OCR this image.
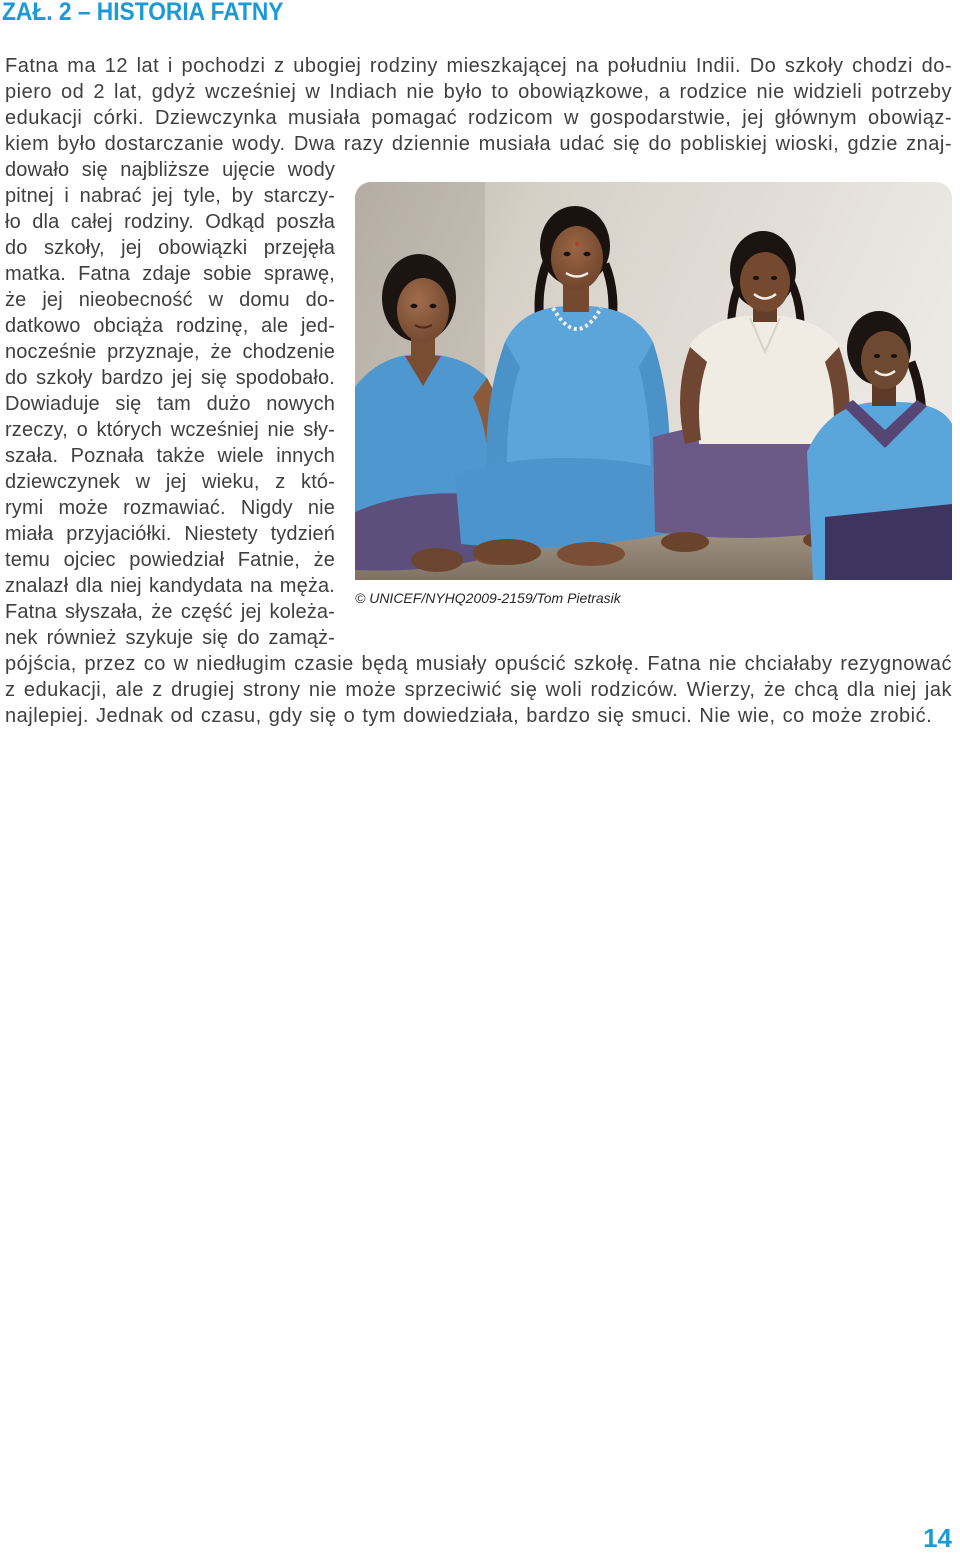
ZAŁ. 2 – HISTORIA FATNY
Fatna ma 12 lat i pochodzi z ubogiej rodziny mieszkającej na południu Indii. Do szkoły chodzi do-
piero od 2 lat, gdyż wcześniej w Indiach nie było to obowiązkowe, a rodzice nie widzieli potrzeby
edukacji córki. Dziewczynka musiała pomagać rodzicom w gospodarstwie, jej głównym obowiąz-
kiem było dostarczanie wody. Dwa razy dziennie musiała udać się do pobliskiej wioski, gdzie znaj-
dowało się najbliższe ujęcie wody
pitnej i nabrać jej tyle, by starczy-
ło dla całej rodziny. Odkąd poszła
do szkoły, jej obowiązki przejęła
matka. Fatna zdaje sobie sprawę,
że jej nieobecność w domu do-
datkowo obciąża rodzinę, ale jed-
nocześnie przyznaje, że chodzenie
do szkoły bardzo jej się spodobało.
Dowiaduje się tam dużo nowych
rzeczy, o których wcześniej nie sły-
szała. Poznała także wiele innych
dziewczynek w jej wieku, z któ-
rymi może rozmawiać. Nigdy nie
miała przyjaciółki. Niestety tydzień
temu ojciec powiedział Fatnie, że
znalazł dla niej kandydata na męża.
Fatna słyszała, że część jej koleża-
nek również szykuje się do zamąż-
pójścia, przez co w niedługim czasie będą musiały opuścić szkołę. Fatna nie chciałaby rezygnować
z edukacji, ale z drugiej strony nie może sprzeciwić się woli rodziców. Wierzy, że chcą dla niej jak
najlepiej. Jednak od czasu, gdy się o tym dowiedziała, bardzo się smuci. Nie wie, co może zrobić.
© UNICEF/NYHQ2009-2159/Tom Pietrasik
14
